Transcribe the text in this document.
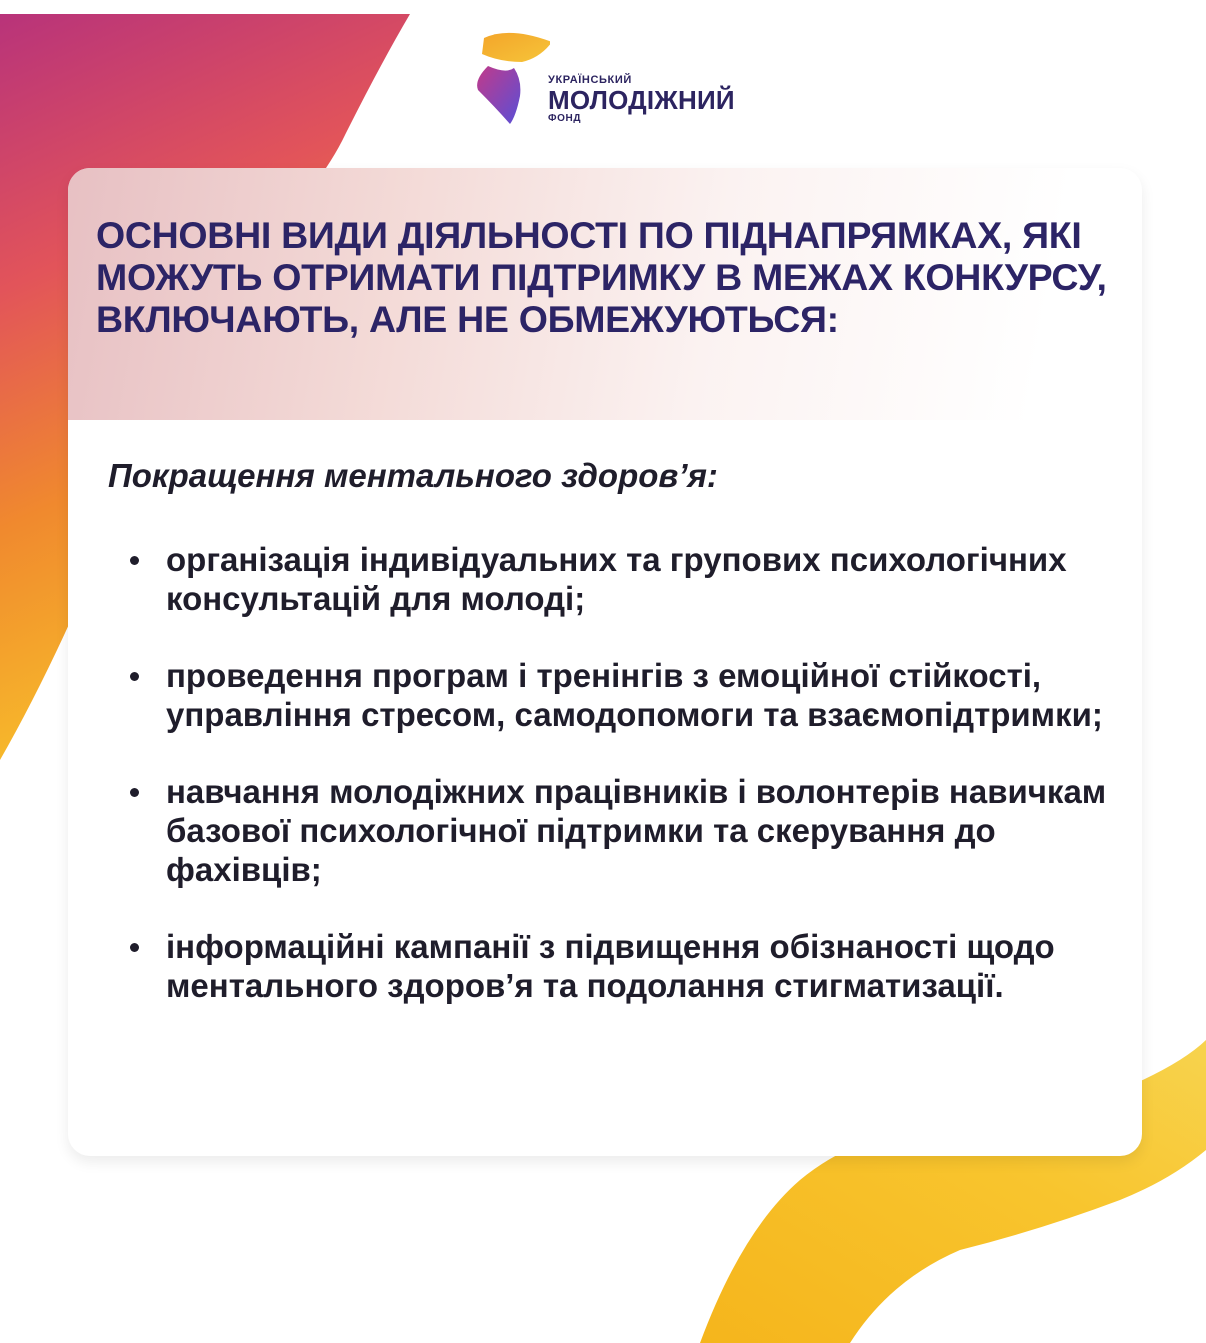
УКРАЇНСЬКИЙ
МОЛОДІЖНИЙ
ФОНД
ОСНОВНІ ВИДИ ДІЯЛЬНОСТІ ПО ПІДНАПРЯМКАХ, ЯКІ МОЖУТЬ ОТРИМАТИ ПІДТРИМКУ В МЕЖАХ КОНКУРСУ, ВКЛЮЧАЮТЬ, АЛЕ НЕ ОБМЕЖУЮТЬСЯ:
Покращення ментального здоров’я:
організація індивідуальних та групових психологічних консультацій для молоді;
проведення програм і тренінгів з емоційної стійкості, управління стресом, самодопомоги та взаємопідтримки;
навчання молодіжних працівників і волонтерів навичкам базової психологічної підтримки та скерування до фахівців;
інформаційні кампанії з підвищення обізнаності щодо ментального здоров’я та подолання стигматизації.
